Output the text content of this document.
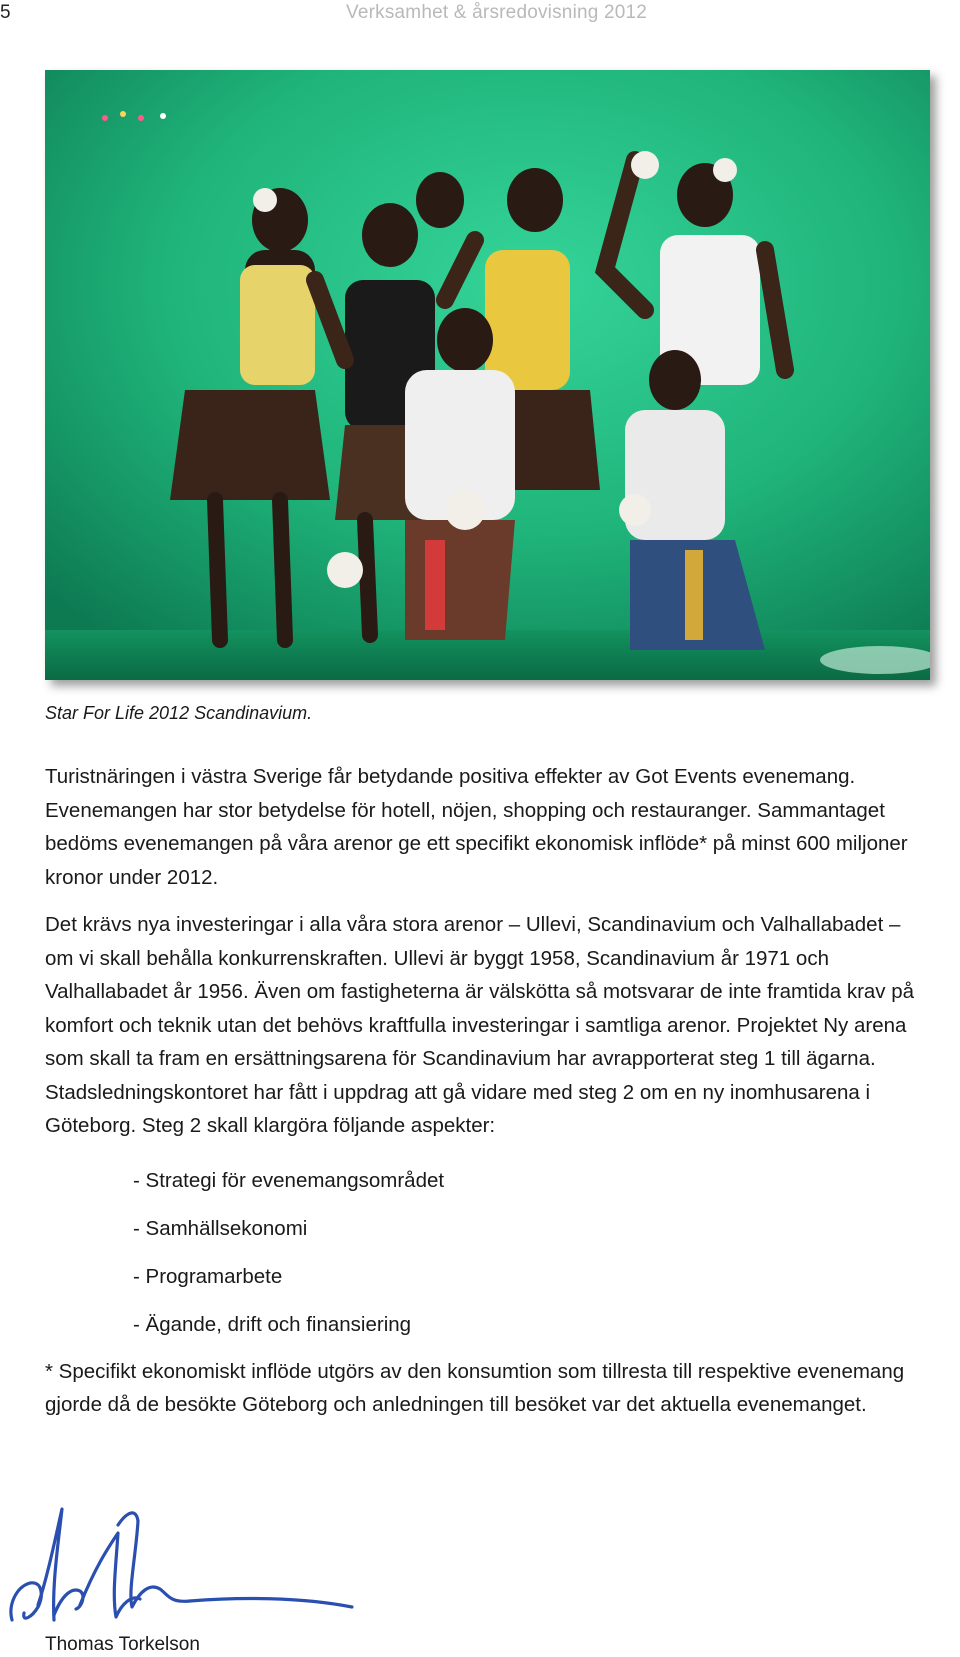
5	Verksamhet & årsredovisning 2012
Star For Life 2012 Scandinavium.

Turistnäringen i västra Sverige får betydande positiva effekter av Got Events evenemang. Evenemangen har stor betydelse för hotell, nöjen, shopping och restauranger. Sammantaget bedöms evenemangen på våra arenor ge ett specifikt ekonomisk inflöde* på minst 600 miljoner kronor under 2012.

Det krävs nya investeringar i alla våra stora arenor – Ullevi, Scandinavium och Valhallabadet – om vi skall behålla konkurrenskraften. Ullevi är byggt 1958, Scandinavium år 1971 och Valhallabadet år 1956. Även om fastigheterna är välskötta så motsvarar de inte framtida krav på komfort och teknik utan det behövs kraftfulla investeringar i samtliga arenor. Projektet Ny arena som skall ta fram en ersättningsarena för Scandinavium har avrapporterat steg 1 till ägarna. Stadsledningskontoret har fått i uppdrag att gå vidare med steg 2 om en ny inomhusarena i Göteborg. Steg 2 skall klargöra följande aspekter:

- Strategi för evenemangsområdet
- Samhällsekonomi
- Programarbete
- Ägande, drift och finansiering

* Specifikt ekonomiskt inflöde utgörs av den konsumtion som tillresta till respektive evenemang gjorde då de besökte Göteborg och anledningen till besöket var det aktuella evenemanget.

Thomas Torkelson
